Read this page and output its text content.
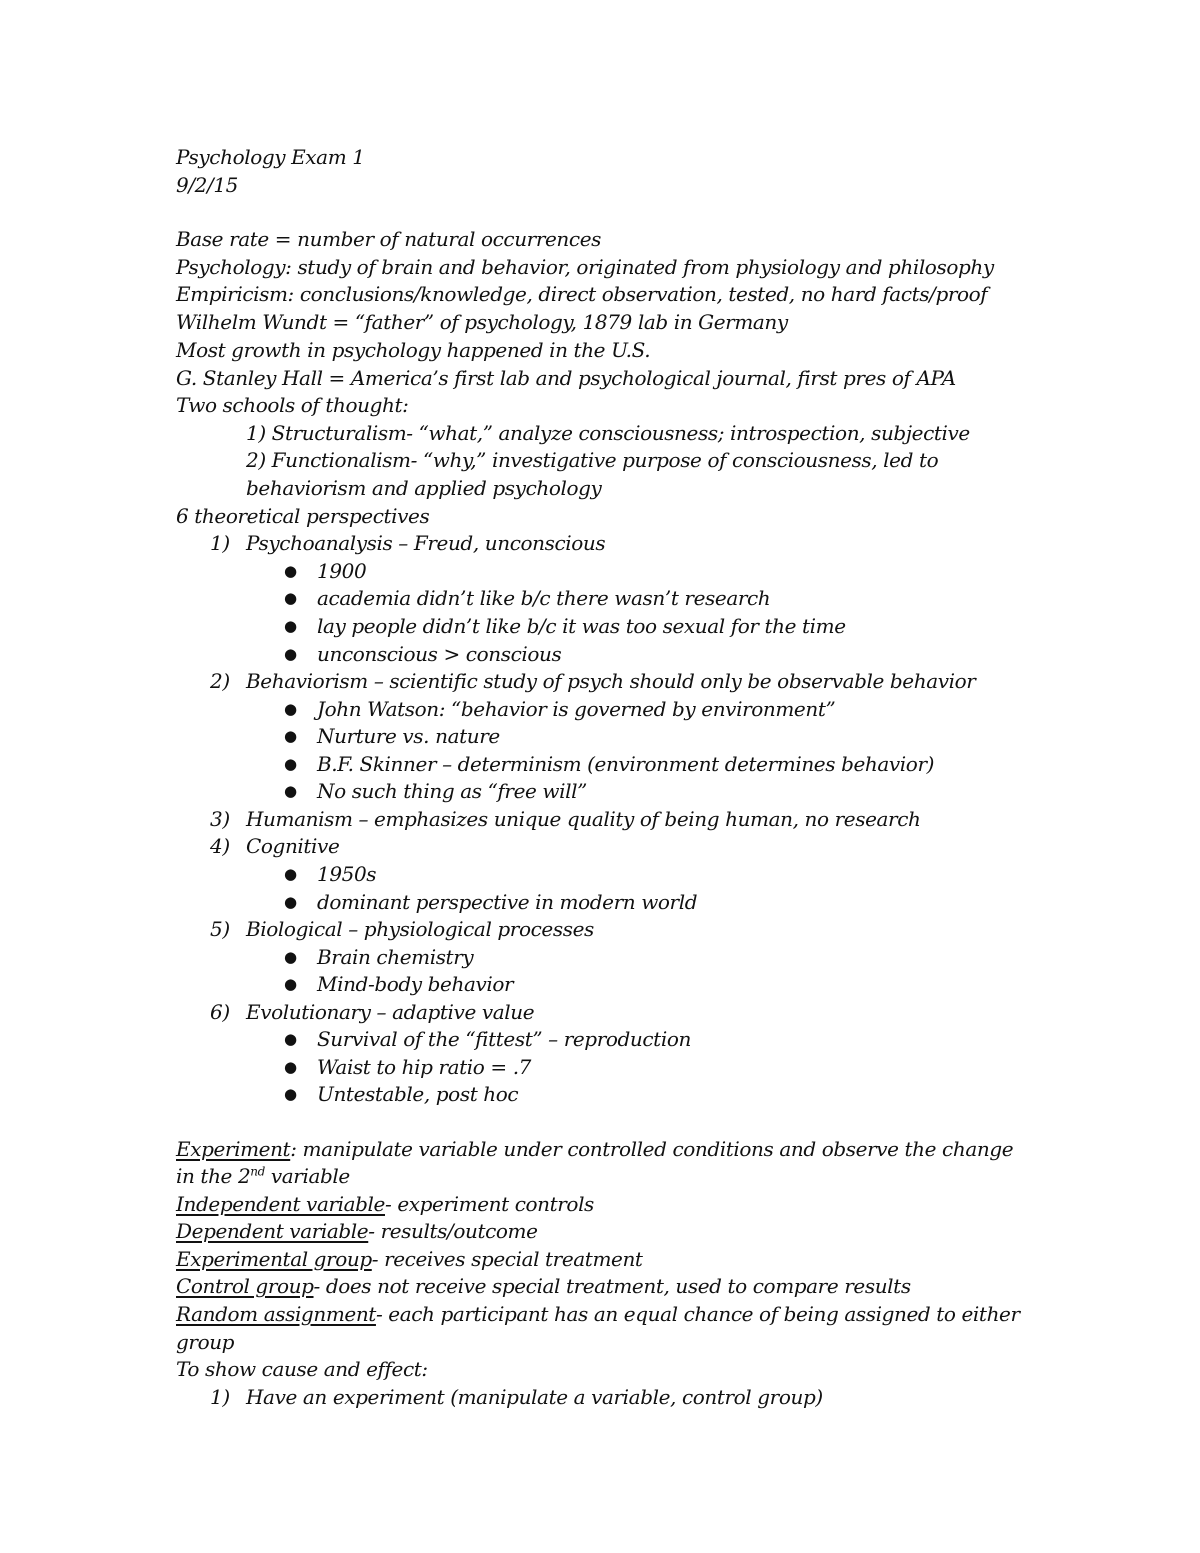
Psychology Exam 1
9/2/15
Base rate = number of natural occurrences
Psychology: study of brain and behavior, originated from physiology and philosophy
Empiricism: conclusions/knowledge, direct observation, tested, no hard facts/proof
Wilhelm Wundt = “father” of psychology, 1879 lab in Germany
Most growth in psychology happened in the U.S.
G. Stanley Hall = America’s first lab and psychological journal, first pres of APA
Two schools of thought:
1) Structuralism- “what,” analyze consciousness; introspection, subjective
2) Functionalism- “why,” investigative purpose of consciousness, led to
behaviorism and applied psychology
6 theoretical perspectives
1) Psychoanalysis – Freud, unconscious
● 1900
● academia didn’t like b/c there wasn’t research
● lay people didn’t like b/c it was too sexual for the time
● unconscious > conscious
2) Behaviorism – scientific study of psych should only be observable behavior
● John Watson: “behavior is governed by environment”
● Nurture vs. nature
● B.F. Skinner – determinism (environment determines behavior)
● No such thing as “free will”
3) Humanism – emphasizes unique quality of being human, no research
4) Cognitive
● 1950s
● dominant perspective in modern world
5) Biological – physiological processes
● Brain chemistry
● Mind-body behavior
6) Evolutionary – adaptive value
● Survival of the “fittest” – reproduction
● Waist to hip ratio = .7
● Untestable, post hoc
Experiment: manipulate variable under controlled conditions and observe the change
in the 2nd variable
Independent variable- experiment controls
Dependent variable- results/outcome
Experimental group- receives special treatment
Control group- does not receive special treatment, used to compare results
Random assignment- each participant has an equal chance of being assigned to either
group
To show cause and effect:
1) Have an experiment (manipulate a variable, control group)
